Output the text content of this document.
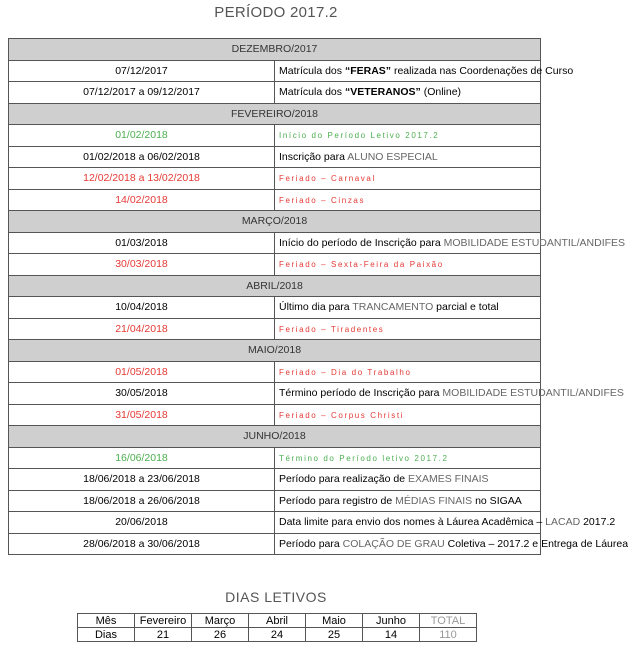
PERÍODO 2017.2
DEZEMBRO/2017	
07/12/2017	Matrícula dos “FERAS” realizada nas Coordenações de Curso
07/12/2017 a 09/12/2017	Matrícula dos “VETERANOS” (Online)
FEVEREIRO/2018	
01/02/2018	Início do Período Letivo 2017.2
01/02/2018 a 06/02/2018	Inscrição para ALUNO ESPECIAL
12/02/2018 a 13/02/2018	Feriado – Carnaval
14/02/2018	Feriado – Cinzas
MARÇO/2018	
01/03/2018	Início do período de Inscrição para MOBILIDADE ESTUDANTIL/ANDIFES
30/03/2018	Feriado – Sexta-Feira da Paixão
ABRIL/2018	
10/04/2018	Último dia para TRANCAMENTO parcial e total
21/04/2018	Feriado – Tiradentes
MAIO/2018	
01/05/2018	Feriado – Dia do Trabalho
30/05/2018	Término período de Inscrição para MOBILIDADE ESTUDANTIL/ANDIFES
31/05/2018	Feriado – Corpus Christi
JUNHO/2018	
16/06/2018	Término do Período letivo 2017.2
18/06/2018 a 23/06/2018	Período para realização de EXAMES FINAIS
18/06/2018 a 26/06/2018	Período para registro de MÉDIAS FINAIS no SIGAA
20/06/2018	Data limite para envio dos nomes à Láurea Acadêmica – LACAD 2017.2
28/06/2018 a 30/06/2018	Período para COLAÇÃO DE GRAU Coletiva – 2017.2 e Entrega de Láurea
DIAS LETIVOS
Mês	Fevereiro	Março	Abril	Maio	Junho	TOTAL
Dias	21	26	24	25	14	110
